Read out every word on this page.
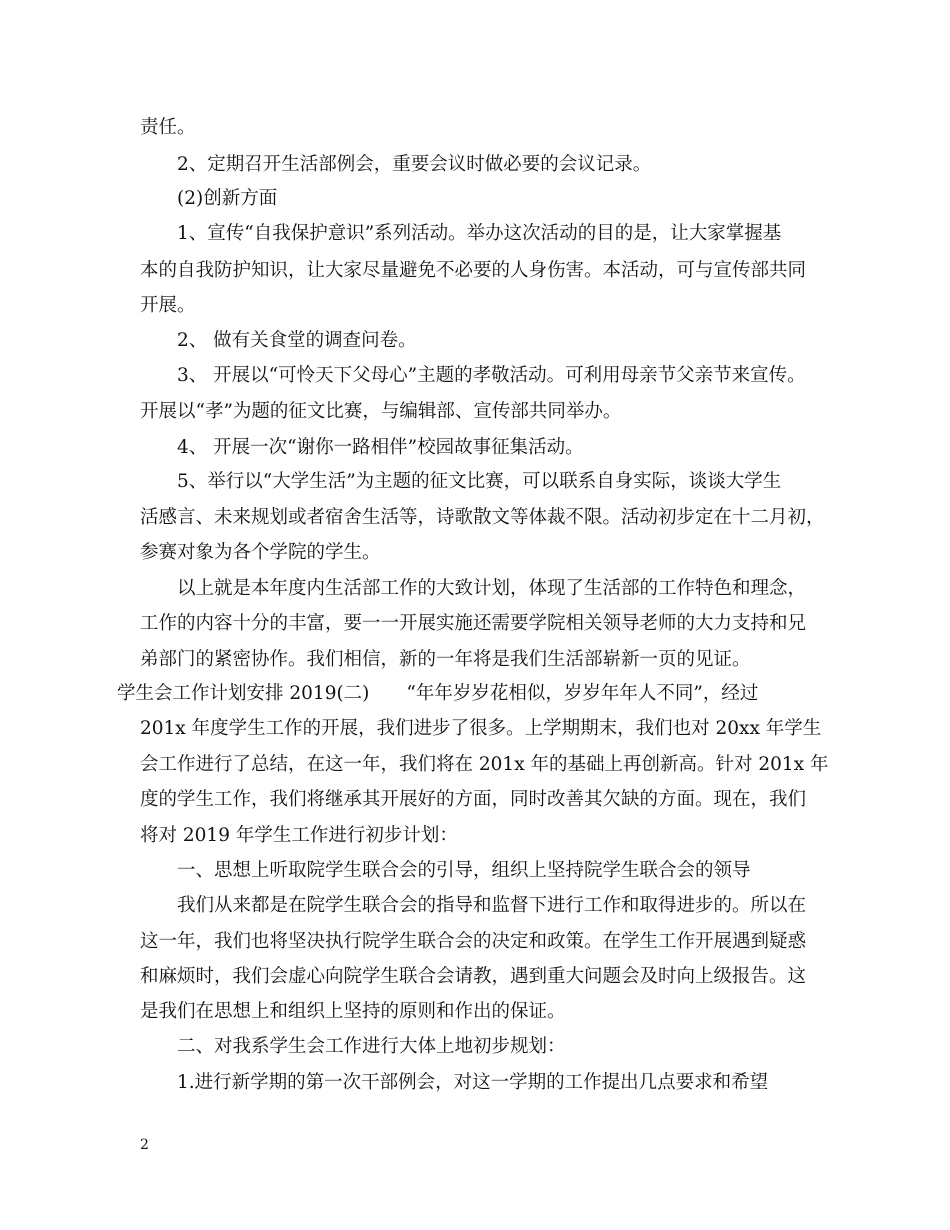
责任。
2、定期召开生活部例会，重要会议时做必要的会议记录。
(2)创新方面
1、宣传“自我保护意识”系列活动。举办这次活动的目的是，让大家掌握基
本的自我防护知识，让大家尽量避免不必要的人身伤害。本活动，可与宣传部共同
开展。
2、 做有关食堂的调查问卷。
3、 开展以“可怜天下父母心”主题的孝敬活动。可利用母亲节父亲节来宣传。
开展以“孝”为题的征文比赛，与编辑部、宣传部共同举办。
4、 开展一次“谢你一路相伴”校园故事征集活动。
5、举行以“大学生活”为主题的征文比赛，可以联系自身实际，谈谈大学生
活感言、未来规划或者宿舍生活等，诗歌散文等体裁不限。活动初步定在十二月初，
参赛对象为各个学院的学生。
以上就是本年度内生活部工作的大致计划，体现了生活部的工作特色和理念，
工作的内容十分的丰富，要一一开展实施还需要学院相关领导老师的大力支持和兄
弟部门的紧密协作。我们相信，新的一年将是我们生活部崭新一页的见证。
学生会工作计划安排 2019(二)　　“年年岁岁花相似，岁岁年年人不同”，经过
201x 年度学生工作的开展，我们进步了很多。上学期期末，我们也对 20xx 年学生
会工作进行了总结，在这一年，我们将在 201x 年的基础上再创新高。针对 201x 年
度的学生工作，我们将继承其开展好的方面，同时改善其欠缺的方面。现在，我们
将对 2019 年学生工作进行初步计划：
一、思想上听取院学生联合会的引导，组织上坚持院学生联合会的领导
我们从来都是在院学生联合会的指导和监督下进行工作和取得进步的。所以在
这一年，我们也将坚决执行院学生联合会的决定和政策。在学生工作开展遇到疑惑
和麻烦时，我们会虚心向院学生联合会请教，遇到重大问题会及时向上级报告。这
是我们在思想上和组织上坚持的原则和作出的保证。
二、对我系学生会工作进行大体上地初步规划：
1.进行新学期的第一次干部例会，对这一学期的工作提出几点要求和希望
2
